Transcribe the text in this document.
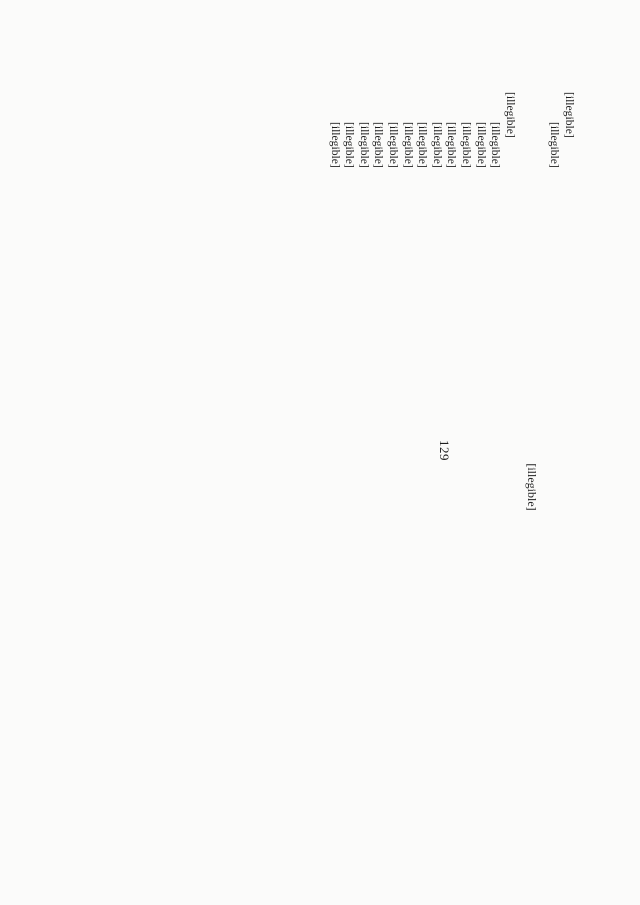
129

[illegible]

[illegible]

[illegible]

[illegible]

[illegible]

[illegible]

[illegible]

[illegible]

[illegible]

[illegible]

[illegible]

[illegible]

[illegible]

[illegible]

[illegible]

[illegible]
